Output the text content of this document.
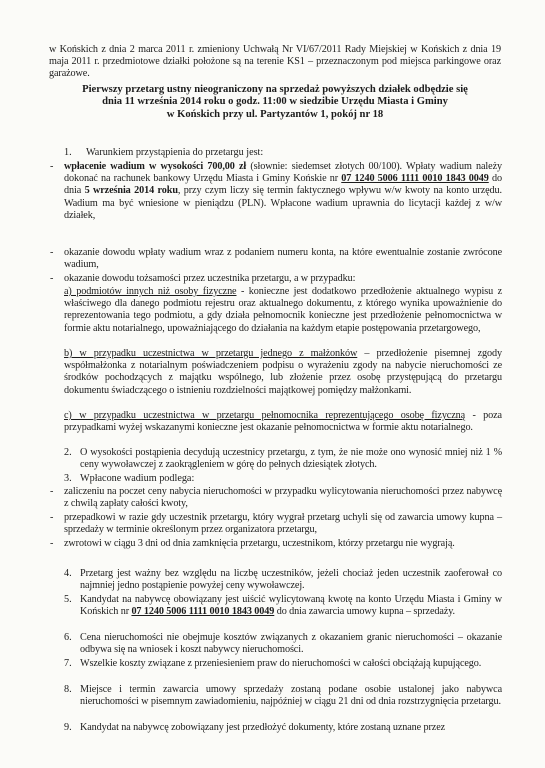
w Końskich z dnia 2 marca 2011 r. zmieniony Uchwałą Nr VI/67/2011 Rady Miejskiej w Końskich z dnia 19 maja 2011 r. przedmiotowe działki położone są na terenie KS1 – przeznaczonym pod miejsca parkingowe oraz garażowe.

Pierwszy przetarg ustny nieograniczony na sprzedaż powyższych działek odbędzie się
dnia 11 września 2014 roku o godz. 11:00 w siedzibie Urzędu Miasta i Gminy
w Końskich przy ul. Partyzantów 1, pokój nr 18
1. Warunkiem przystąpienia do przetargu jest:
- wpłacenie wadium w wysokości 700,00 zł (słownie: siedemset złotych 00/100). Wpłaty wadium należy dokonać na rachunek bankowy Urzędu Miasta i Gminy Końskie nr 07 1240 5006 1111 0010 1843 0049 do dnia 5 września 2014 roku, przy czym liczy się termin faktycznego wpływu w/w kwoty na konto urzędu. Wadium ma być wniesione w pieniądzu (PLN). Wpłacone wadium uprawnia do licytacji każdej z w/w działek,

- okazanie dowodu wpłaty wadium wraz z podaniem numeru konta, na które ewentualnie zostanie zwrócone wadium,

- okazanie dowodu tożsamości przez uczestnika przetargu, a w przypadku:

a) podmiotów innych niż osoby fizyczne - konieczne jest dodatkowo przedłożenie aktualnego wypisu z właściwego dla danego podmiotu rejestru oraz aktualnego dokumentu, z którego wynika upoważnienie do reprezentowania tego podmiotu, a gdy działa pełnomocnik konieczne jest przedłożenie pełnomocnictwa w formie aktu notarialnego, upoważniającego do działania na każdym etapie postępowania przetargowego,

b) w przypadku uczestnictwa w przetargu jednego z małżonków – przedłożenie pisemnej zgody współmałżonka z notarialnym poświadczeniem podpisu o wyrażeniu zgody na nabycie nieruchomości ze środków pochodzących z majątku wspólnego, lub złożenie przez osobę przystępującą do przetargu dokumentu świadczącego o istnieniu rozdzielności majątkowej pomiędzy małżonkami.

c) w przypadku uczestnictwa w przetargu pełnomocnika reprezentującego osobę fizyczną - poza przypadkami wyżej wskazanymi konieczne jest okazanie pełnomocnictwa w formie aktu notarialnego.

2. O wysokości postąpienia decydują uczestnicy przetargu, z tym, że nie może ono wynosić mniej niż 1 % ceny wywoławczej z zaokrągleniem w górę do pełnych dziesiątek złotych.

3. Wpłacone wadium podlega:
- zaliczeniu na poczet ceny nabycia nieruchomości w przypadku wylicytowania nieruchomości przez nabywcę z chwilą zapłaty całości kwoty,

- przepadkowi w razie gdy uczestnik przetargu, który wygrał przetarg uchyli się od zawarcia umowy kupna – sprzedaży w terminie określonym przez organizatora przetargu,

- zwrotowi w ciągu 3 dni od dnia zamknięcia przetargu, uczestnikom, którzy przetargu nie wygrają.

4. Przetarg jest ważny bez względu na liczbę uczestników, jeżeli chociaż jeden uczestnik zaoferował co najmniej jedno postąpienie powyżej ceny wywoławczej.

5. Kandydat na nabywcę obowiązany jest uiścić wylicytowaną kwotę na konto Urzędu Miasta i Gminy w Końskich nr 07 1240 5006 1111 0010 1843 0049 do dnia zawarcia umowy kupna – sprzedaży.

6. Cena nieruchomości nie obejmuje kosztów związanych z okazaniem granic nieruchomości – okazanie odbywa się na wniosek i koszt nabywcy nieruchomości.

7. Wszelkie koszty związane z przeniesieniem praw do nieruchomości w całości obciążają kupującego.

8. Miejsce i termin zawarcia umowy sprzedaży zostaną podane osobie ustalonej jako nabywca nieruchomości w pisemnym zawiadomieniu, najpóźniej w ciągu 21 dni od dnia rozstrzygnięcia przetargu.

9. Kandydat na nabywcę zobowiązany jest przedłożyć dokumenty, które zostaną uznane przez
